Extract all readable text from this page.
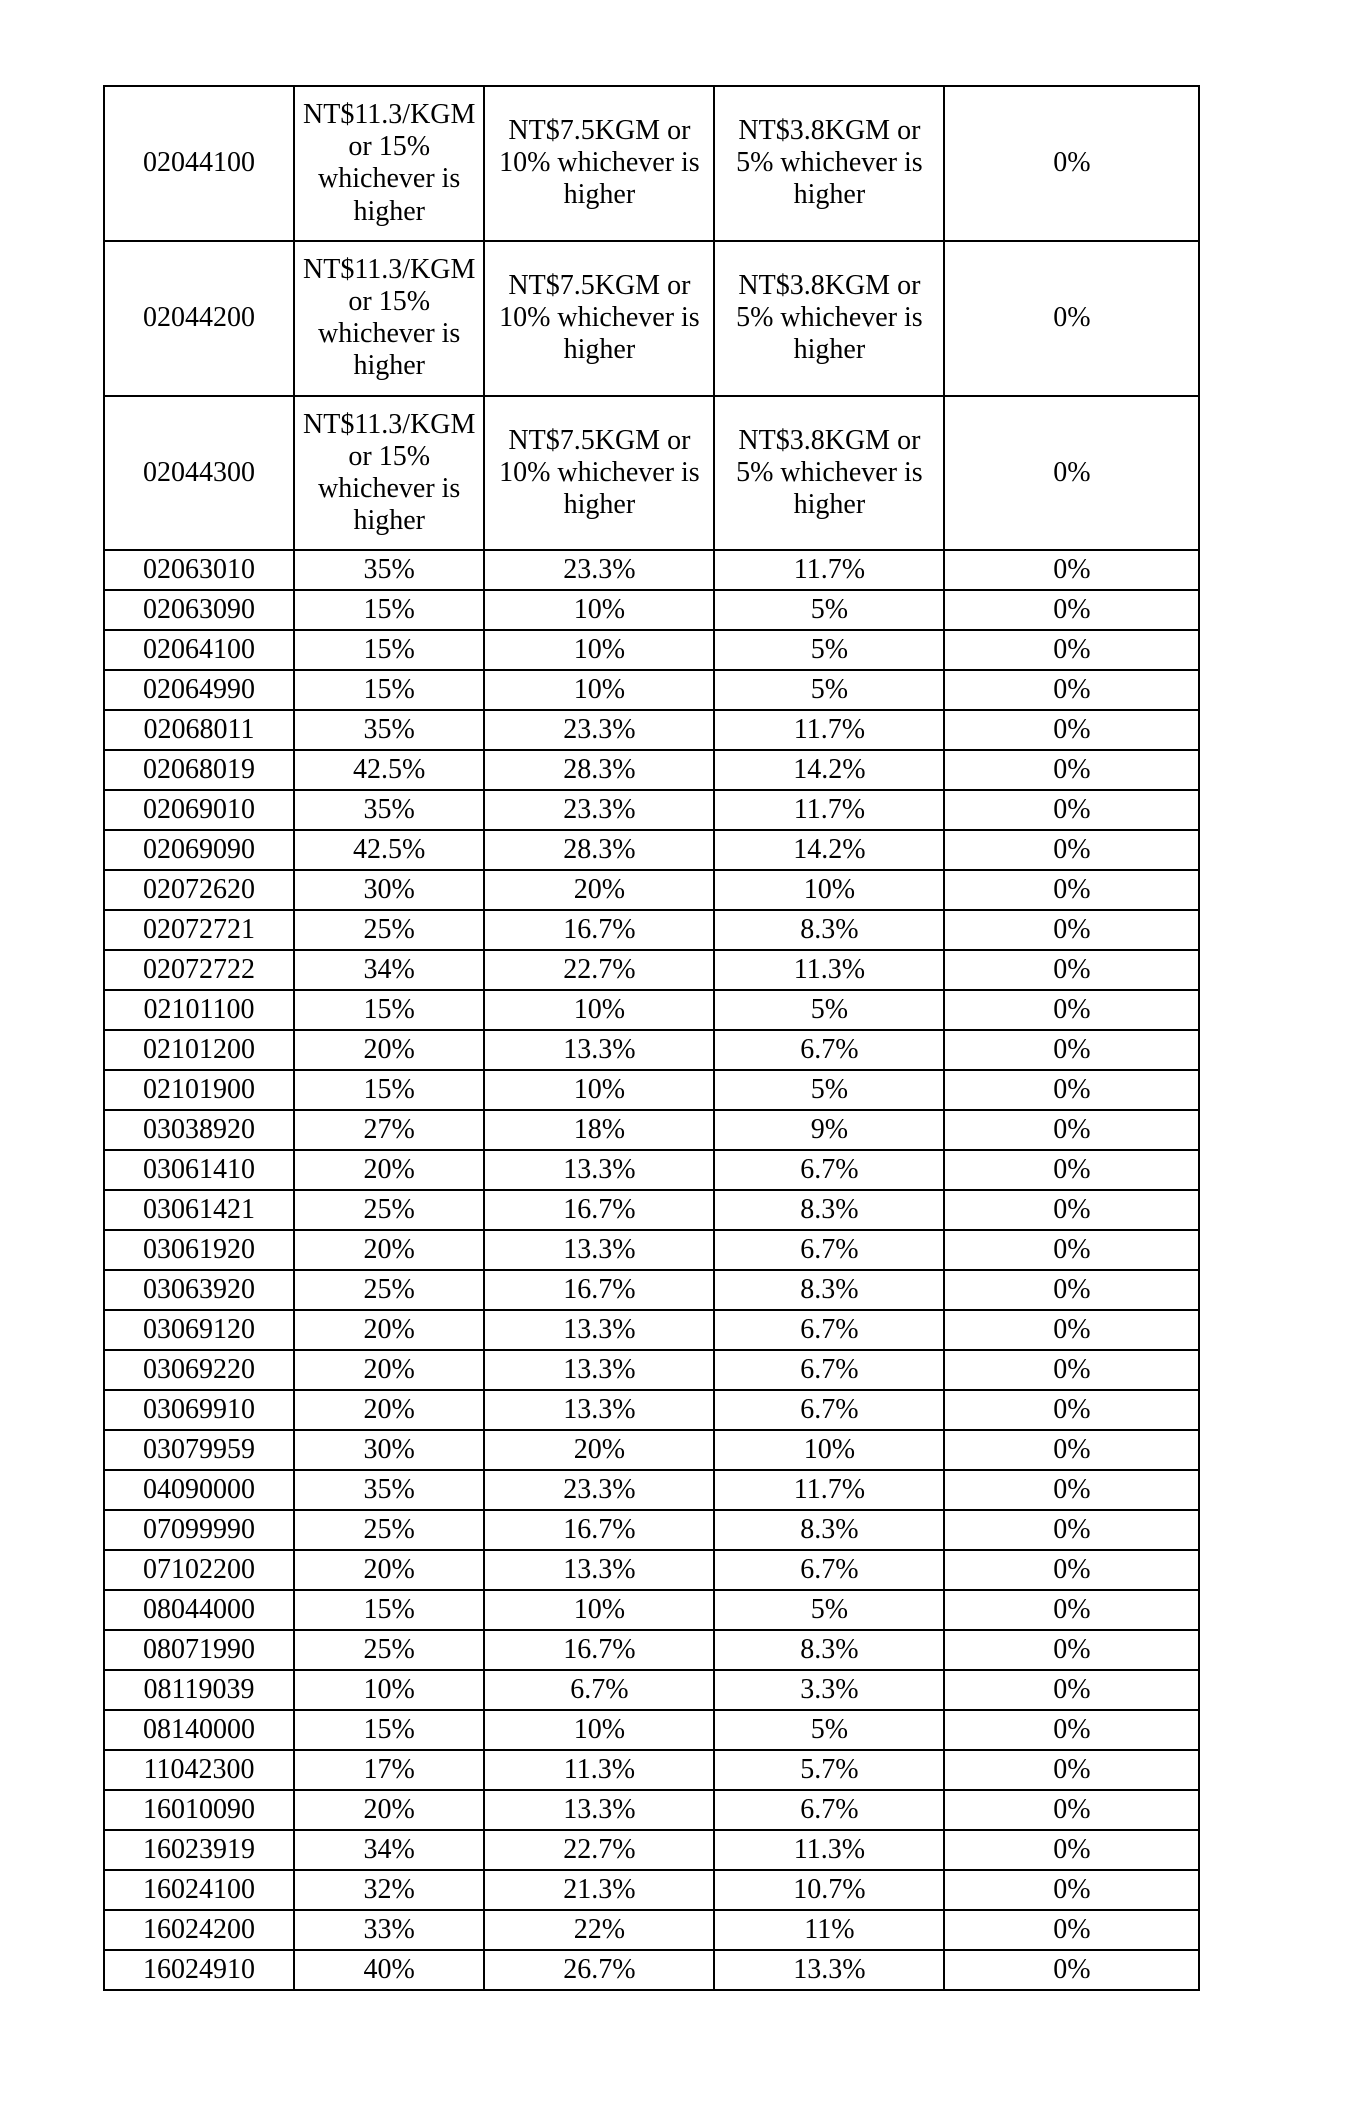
02044100	NT$11.3/KGM or 15% whichever is higher	NT$7.5KGM or 10% whichever is higher	NT$3.8KGM or 5% whichever is higher	0%
02044200	NT$11.3/KGM or 15% whichever is higher	NT$7.5KGM or 10% whichever is higher	NT$3.8KGM or 5% whichever is higher	0%
02044300	NT$11.3/KGM or 15% whichever is higher	NT$7.5KGM or 10% whichever is higher	NT$3.8KGM or 5% whichever is higher	0%
02063010	35%	23.3%	11.7%	0%
02063090	15%	10%	5%	0%
02064100	15%	10%	5%	0%
02064990	15%	10%	5%	0%
02068011	35%	23.3%	11.7%	0%
02068019	42.5%	28.3%	14.2%	0%
02069010	35%	23.3%	11.7%	0%
02069090	42.5%	28.3%	14.2%	0%
02072620	30%	20%	10%	0%
02072721	25%	16.7%	8.3%	0%
02072722	34%	22.7%	11.3%	0%
02101100	15%	10%	5%	0%
02101200	20%	13.3%	6.7%	0%
02101900	15%	10%	5%	0%
03038920	27%	18%	9%	0%
03061410	20%	13.3%	6.7%	0%
03061421	25%	16.7%	8.3%	0%
03061920	20%	13.3%	6.7%	0%
03063920	25%	16.7%	8.3%	0%
03069120	20%	13.3%	6.7%	0%
03069220	20%	13.3%	6.7%	0%
03069910	20%	13.3%	6.7%	0%
03079959	30%	20%	10%	0%
04090000	35%	23.3%	11.7%	0%
07099990	25%	16.7%	8.3%	0%
07102200	20%	13.3%	6.7%	0%
08044000	15%	10%	5%	0%
08071990	25%	16.7%	8.3%	0%
08119039	10%	6.7%	3.3%	0%
08140000	15%	10%	5%	0%
11042300	17%	11.3%	5.7%	0%
16010090	20%	13.3%	6.7%	0%
16023919	34%	22.7%	11.3%	0%
16024100	32%	21.3%	10.7%	0%
16024200	33%	22%	11%	0%
16024910	40%	26.7%	13.3%	0%
